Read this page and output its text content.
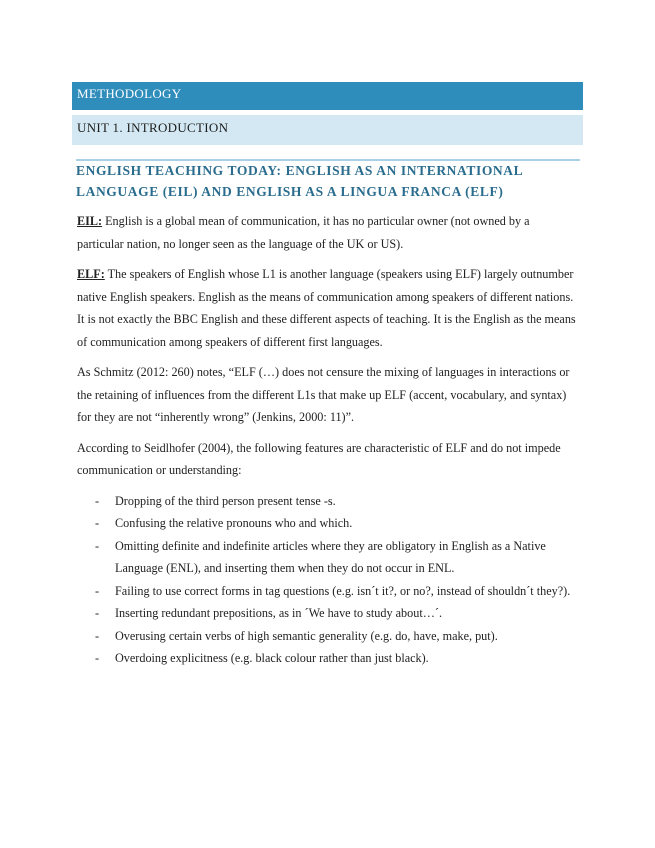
METHODOLOGY
UNIT 1. INTRODUCTION
ENGLISH TEACHING TODAY: ENGLISH AS AN INTERNATIONAL LANGUAGE (EIL) AND ENGLISH AS A LINGUA FRANCA (ELF)

EIL: English is a global mean of communication, it has no particular owner (not owned by a particular nation, no longer seen as the language of the UK or US).

ELF: The speakers of English whose L1 is another language (speakers using ELF) largely outnumber native English speakers. English as the means of communication among speakers of different nations. It is not exactly the BBC English and these different aspects of teaching. It is the English as the means of communication among speakers of different first languages.

As Schmitz (2012: 260) notes, “ELF (…) does not censure the mixing of languages in interactions or the retaining of influences from the different L1s that make up ELF (accent, vocabulary, and syntax) for they are not “inherently wrong” (Jenkins, 2000: 11)”.

According to Seidlhofer (2004), the following features are characteristic of ELF and do not impede communication or understanding:

- Dropping of the third person present tense -s.
- Confusing the relative pronouns who and which.
- Omitting definite and indefinite articles where they are obligatory in English as a Native Language (ENL), and inserting them when they do not occur in ENL.
- Failing to use correct forms in tag questions (e.g. isn´t it?, or no?, instead of shouldn´t they?).
- Inserting redundant prepositions, as in ´We have to study about…´.
- Overusing certain verbs of high semantic generality (e.g. do, have, make, put).
- Overdoing explicitness (e.g. black colour rather than just black).
